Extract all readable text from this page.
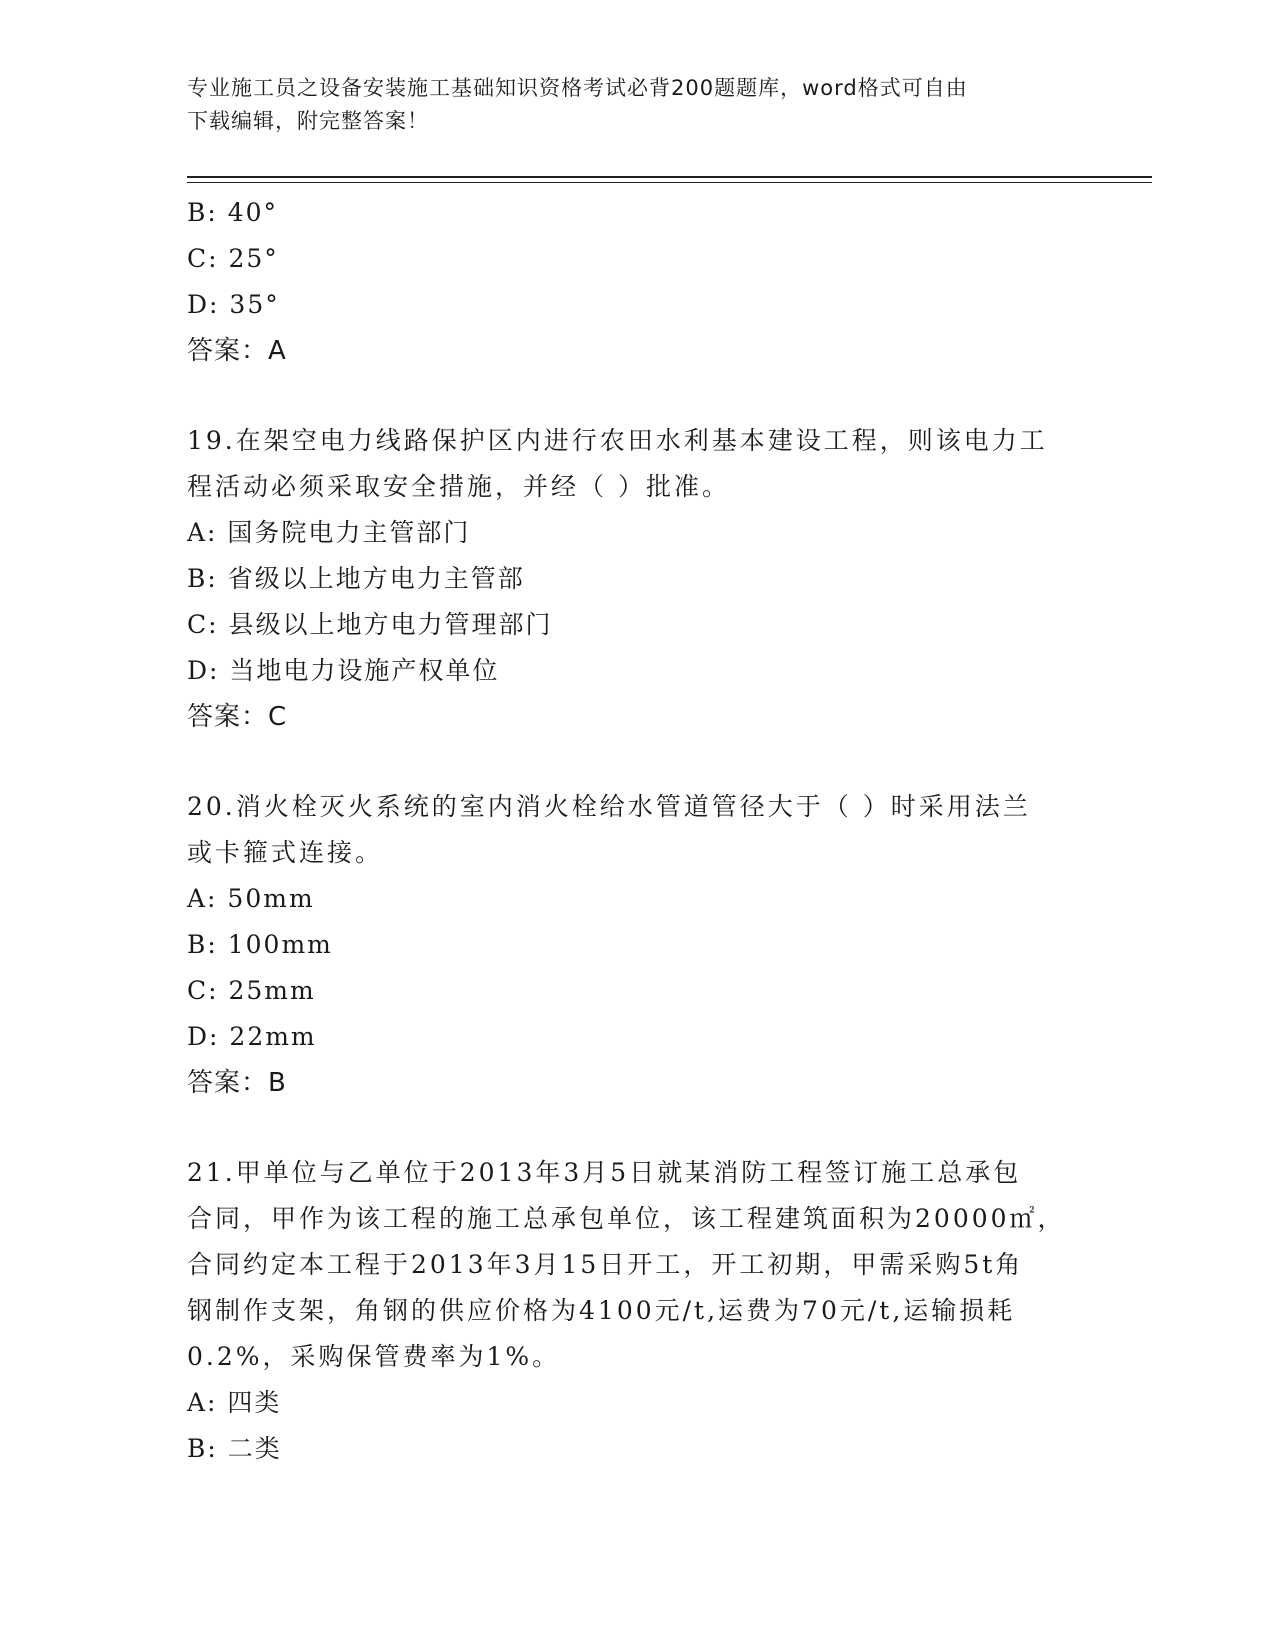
专业施工员之设备安装施工基础知识资格考试必背200题题库，word格式可自由
下载编辑，附完整答案！
B: 40°
C: 25°
D: 35°
答案：A
19.在架空电力线路保护区内进行农田水利基本建设工程，则该电力工
程活动必须采取安全措施，并经（ ）批准。
A: 国务院电力主管部门
B: 省级以上地方电力主管部
C: 县级以上地方电力管理部门
D: 当地电力设施产权单位
答案：C
20.消火栓灭火系统的室内消火栓给水管道管径大于（ ）时采用法兰
或卡箍式连接。
A: 50mm
B: 100mm
C: 25mm
D: 22mm
答案：B
21.甲单位与乙单位于2013年3月5日就某消防工程签订施工总承包
合同，甲作为该工程的施工总承包单位，该工程建筑面积为20000㎡，
合同约定本工程于2013年3月15日开工，开工初期，甲需采购5t角
钢制作支架，角钢的供应价格为4100元/t,运费为70元/t,运输损耗
0.2%，采购保管费率为1%。
A: 四类
B: 二类
